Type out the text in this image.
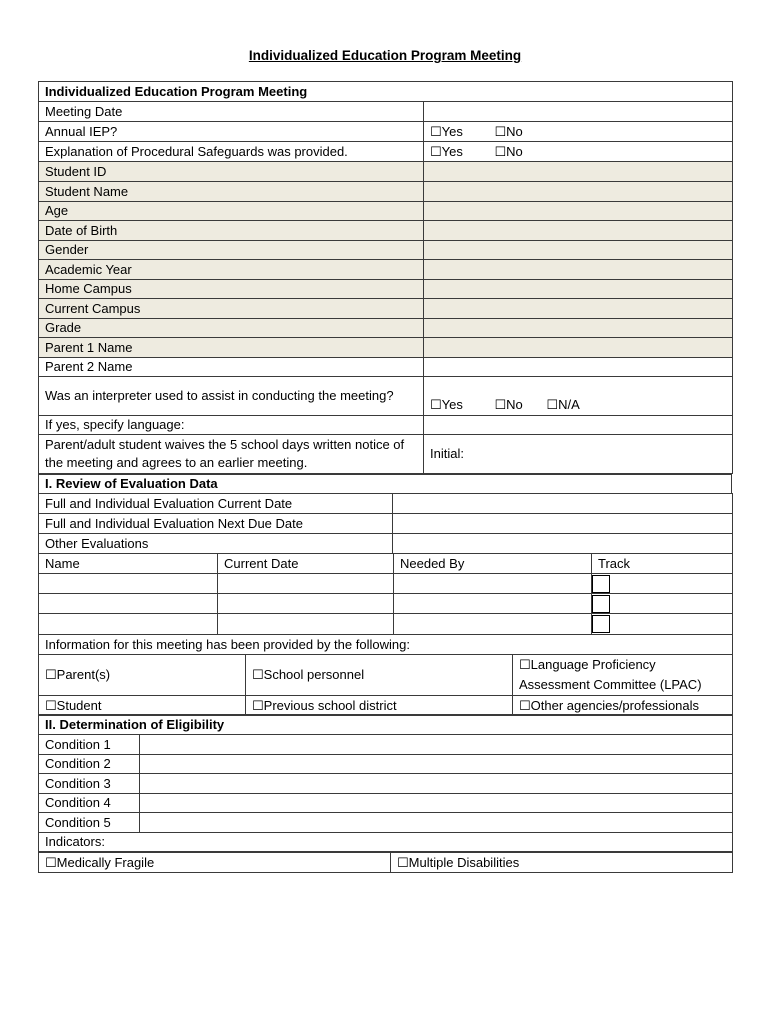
Individualized Education Program Meeting
Individualized Education Program Meeting	
Meeting Date	
Annual IEP?	☐Yes ☐No
Explanation of Procedural Safeguards was provided.	☐Yes ☐No
Student ID	
Student Name	
Age	
Date of Birth	
Gender	
Academic Year	
Home Campus	
Current Campus	
Grade	
Parent 1 Name	
Parent 2 Name	
Was an interpreter used to assist in conducting the meeting?	☐Yes ☐No ☐N/A
If yes, specify language:	
Parent/adult student waives the 5 school days written notice of the meeting and agrees to an earlier meeting.	Initial:
I. Review of Evaluation Data
Full and Individual Evaluation Current Date	
Full and Individual Evaluation Next Due Date	
Other Evaluations	
Name	Current Date	Needed By	Track

Information for this meeting has been provided by the following:		
☐Parent(s)	☐School personnel	☐Language Proficiency Assessment Committee (LPAC)
☐Student	☐Previous school district	☐Other agencies/professionals
II. Determination of Eligibility	
Condition 1	
Condition 2	
Condition 3	
Condition 4	
Condition 5	
Indicators:	
☐Medically Fragile	☐Multiple Disabilities
